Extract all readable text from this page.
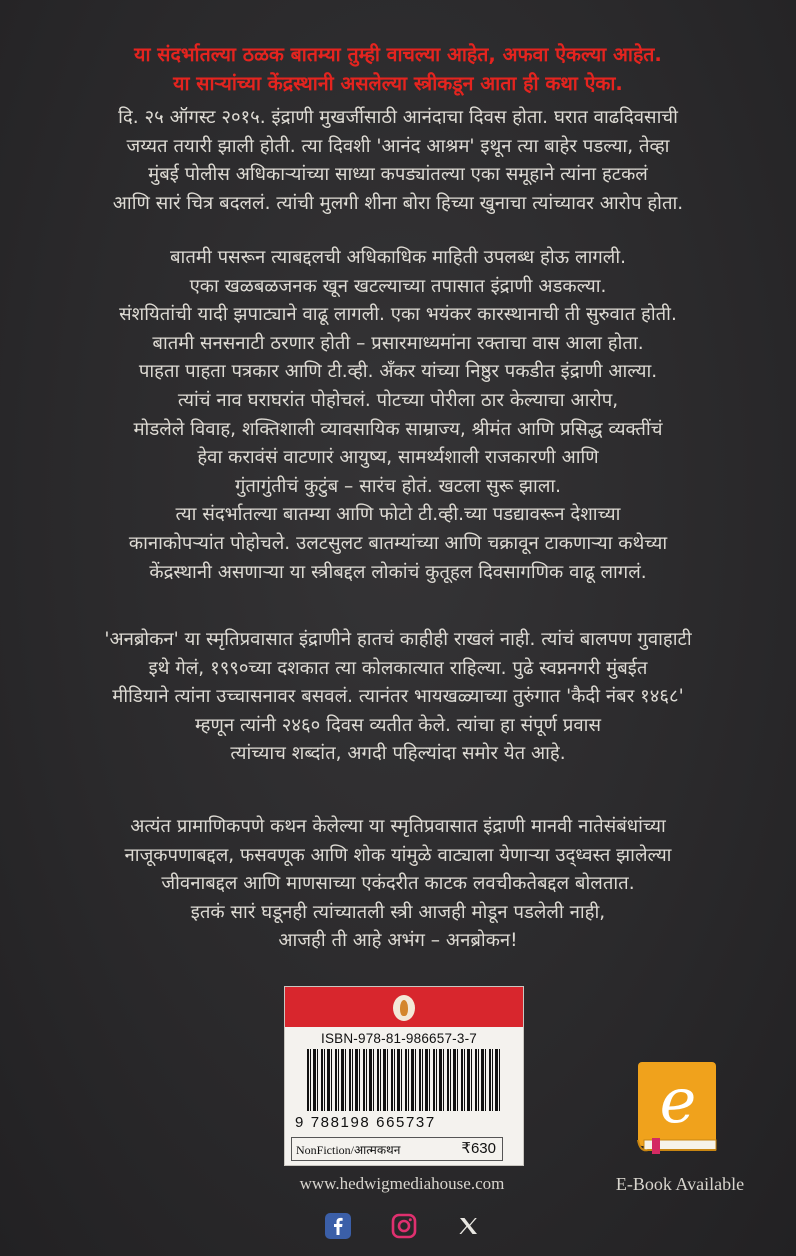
या संदर्भातल्या ठळक बातम्या तुम्ही वाचल्या आहेत, अफवा ऐकल्या आहेत.
या साऱ्यांच्या केंद्रस्थानी असलेल्या स्त्रीकडून आता ही कथा ऐका.
दि. २५ ऑगस्ट २०१५. इंद्राणी मुखर्जीसाठी आनंदाचा दिवस होता. घरात वाढदिवसाची
जय्यत तयारी झाली होती. त्या दिवशी 'आनंद आश्रम' इथून त्या बाहेर पडल्या, तेव्हा
मुंबई पोलीस अधिकाऱ्यांच्या साध्या कपड्यांतल्या एका समूहाने त्यांना हटकलं
आणि सारं चित्र बदललं. त्यांची मुलगी शीना बोरा हिच्या खुनाचा त्यांच्यावर आरोप होता.
बातमी पसरून त्याबद्दलची अधिकाधिक माहिती उपलब्ध होऊ लागली.
एका खळबळजनक खून खटल्याच्या तपासात इंद्राणी अडकल्या.
संशयितांची यादी झपाट्याने वाढू लागली. एका भयंकर कारस्थानाची ती सुरुवात होती.
बातमी सनसनाटी ठरणार होती – प्रसारमाध्यमांना रक्ताचा वास आला होता.
पाहता पाहता पत्रकार आणि टी.व्ही. अँकर यांच्या निष्ठुर पकडीत इंद्राणी आल्या.
त्यांचं नाव घराघरांत पोहोचलं. पोटच्या पोरीला ठार केल्याचा आरोप,
मोडलेले विवाह, शक्तिशाली व्यावसायिक साम्राज्य, श्रीमंत आणि प्रसिद्ध व्यक्तींचं
हेवा करावंसं वाटणारं आयुष्य, सामर्थ्यशाली राजकारणी आणि
गुंतागुंतीचं कुटुंब – सारंच होतं. खटला सुरू झाला.
त्या संदर्भातल्या बातम्या आणि फोटो टी.व्ही.च्या पडद्यावरून देशाच्या
कानाकोपऱ्यांत पोहोचले. उलटसुलट बातम्यांच्या आणि चक्रावून टाकणाऱ्या कथेच्या
केंद्रस्थानी असणाऱ्या या स्त्रीबद्दल लोकांचं कुतूहल दिवसागणिक वाढू लागलं.
'अनब्रोकन' या स्मृतिप्रवासात इंद्राणीने हातचं काहीही राखलं नाही. त्यांचं बालपण गुवाहाटी
इथे गेलं, १९९०च्या दशकात त्या कोलकात्यात राहिल्या. पुढे स्वप्ननगरी मुंबईत
मीडियाने त्यांना उच्चासनावर बसवलं. त्यानंतर भायखळ्याच्या तुरुंगात 'कैदी नंबर १४६८'
म्हणून त्यांनी २४६० दिवस व्यतीत केले. त्यांचा हा संपूर्ण प्रवास
त्यांच्याच शब्दांत, अगदी पहिल्यांदा समोर येत आहे.
अत्यंत प्रामाणिकपणे कथन केलेल्या या स्मृतिप्रवासात इंद्राणी मानवी नातेसंबंधांच्या
नाजूकपणाबद्दल, फसवणूक आणि शोक यांमुळे वाट्याला येणाऱ्या उद्ध्वस्त झालेल्या
जीवनाबद्दल आणि माणसाच्या एकंदरीत काटक लवचीकतेबद्दल बोलतात.
इतकं सारं घडूनही त्यांच्यातली स्त्री आजही मोडून पडलेली नाही,
आजही ती आहे अभंग – अनब्रोकन!
ISBN-978-81-986657-3-7
9 788198 665737
NonFiction/आत्मकथन	₹630
www.hedwigmediahouse.com
e
E-Book Available
